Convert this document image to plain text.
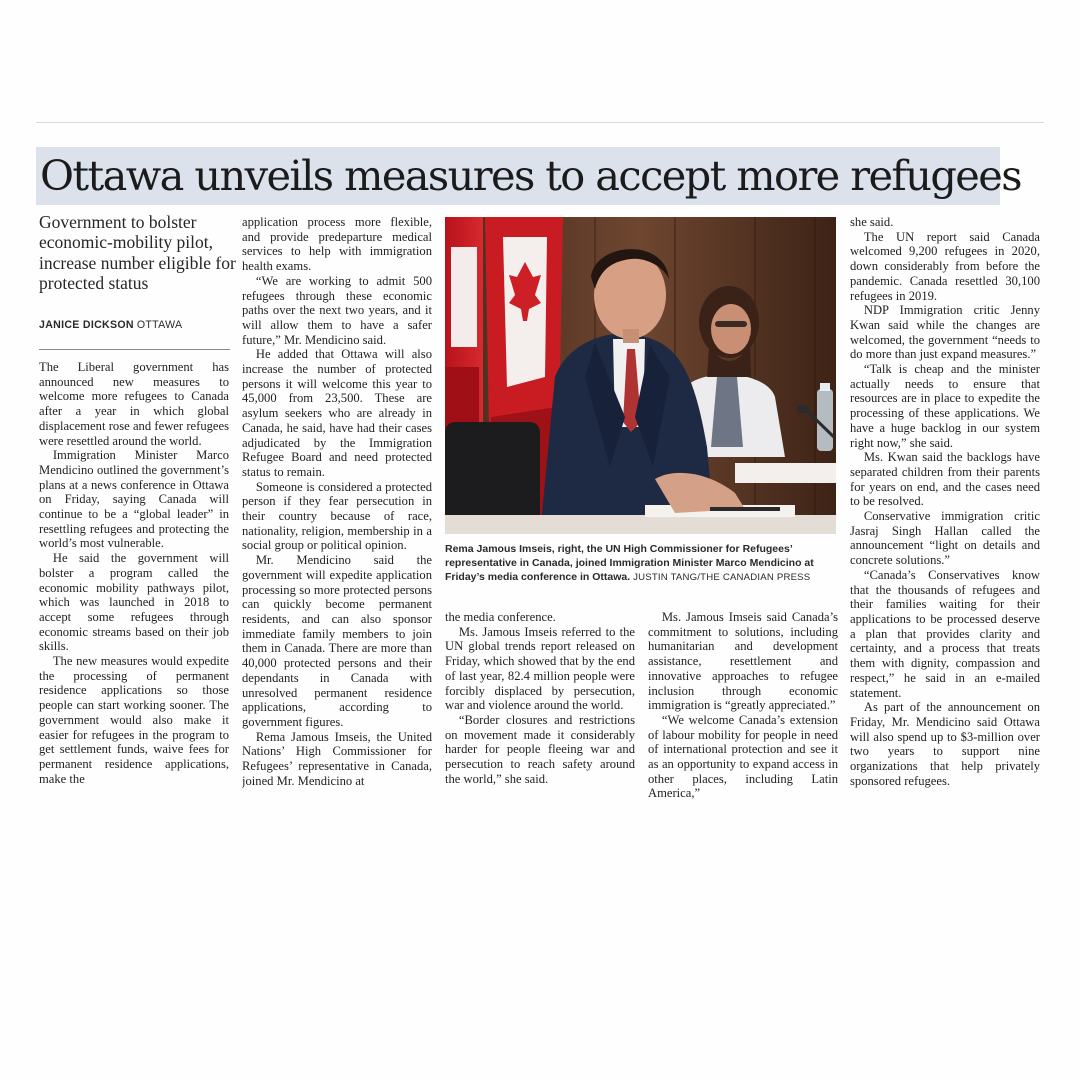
Ottawa unveils measures to accept more refugees

Government to bolster economic-mobility pilot, increase number eligible for protected status

JANICE DICKSON OTTAWA

The Liberal government has announced new measures to welcome more refugees to Canada after a year in which global displacement rose and fewer refugees were resettled around the world.

Immigration Minister Marco Mendicino outlined the government’s plans at a news conference in Ottawa on Friday, saying Canada will continue to be a “global leader” in resettling refugees and protecting the world’s most vulnerable.

He said the government will bolster a program called the economic mobility pathways pilot, which was launched in 2018 to accept some refugees through economic streams based on their job skills.

The new measures would expedite the processing of permanent residence applications so those people can start working sooner. The government would also make it easier for refugees in the program to get settlement funds, waive fees for permanent residence applications, make the

application process more flexible, and provide predeparture medical services to help with immigration health exams.

“We are working to admit 500 refugees through these economic paths over the next two years, and it will allow them to have a safer future,” Mr. Mendicino said.

He added that Ottawa will also increase the number of protected persons it will welcome this year to 45,000 from 23,500. These are asylum seekers who are already in Canada, he said, have had their cases adjudicated by the Immigration Refugee Board and need protected status to remain.

Someone is considered a protected person if they fear persecution in their country because of race, nationality, religion, membership in a social group or political opinion.

Mr. Mendicino said the government will expedite application processing so more protected persons can quickly become permanent residents, and can also sponsor immediate family members to join them in Canada. There are more than 40,000 protected persons and their dependants in Canada with unresolved permanent residence applications, according to government figures.

Rema Jamous Imseis, the United Nations’ High Commissioner for Refugees’ representative in Canada, joined Mr. Mendicino at

the media conference.

Ms. Jamous Imseis referred to the UN global trends report released on Friday, which showed that by the end of last year, 82.4 million people were forcibly displaced by persecution, war and violence around the world.

“Border closures and restrictions on movement made it considerably harder for people fleeing war and persecution to reach safety around the world,” she said.

Ms. Jamous Imseis said Canada’s commitment to solutions, including humanitarian and development assistance, resettlement and innovative approaches to refugee inclusion through economic immigration is “greatly appreciated.”

“We welcome Canada’s extension of labour mobility for people in need of international protection and see it as an opportunity to expand access in other places, including Latin America,”

she said.

The UN report said Canada welcomed 9,200 refugees in 2020, down considerably from before the pandemic. Canada resettled 30,100 refugees in 2019.

NDP Immigration critic Jenny Kwan said while the changes are welcomed, the government “needs to do more than just expand measures.”

“Talk is cheap and the minister actually needs to ensure that resources are in place to expedite the processing of these applications. We have a huge backlog in our system right now,” she said.

Ms. Kwan said the backlogs have separated children from their parents for years on end, and the cases need to be resolved.

Conservative immigration critic Jasraj Singh Hallan called the announcement “light on details and concrete solutions.”

“Canada’s Conservatives know that the thousands of refugees and their families waiting for their applications to be processed deserve a plan that provides clarity and certainty, and a process that treats them with dignity, compassion and respect,” he said in an e-mailed statement.

As part of the announcement on Friday, Mr. Mendicino said Ottawa will also spend up to $3-million over two years to support nine organizations that help privately sponsored refugees.

Rema Jamous Imseis, right, the UN High Commissioner for Refugees’ representative in Canada, joined Immigration Minister Marco Mendicino at Friday’s media conference in Ottawa. JUSTIN TANG/THE CANADIAN PRESS
